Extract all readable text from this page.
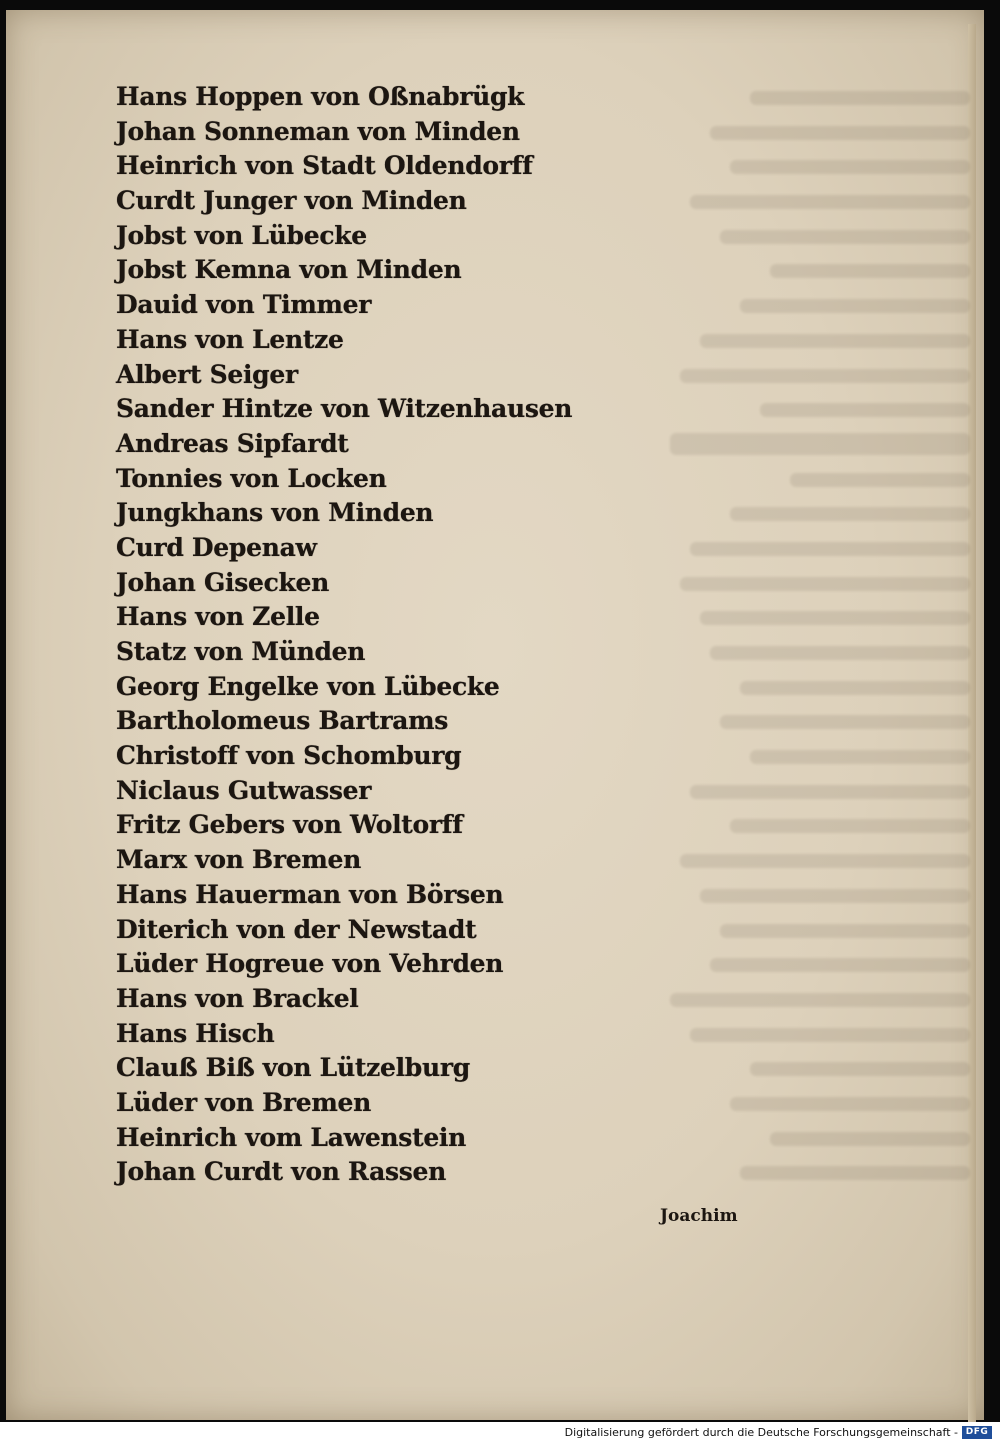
Hans Hoppen von Oßnabrügk
Johan Sonneman von Minden
Heinrich von Stadt Oldendorff
Curdt Junger von Minden
Jobst von Lübecke
Jobst Kemna von Minden
Dauid von Timmer
Hans von Lentze
Albert Seiger
Sander Hintze von Witzenhausen
Andreas Sipfardt
Tonnies von Locken
Jungkhans von Minden
Curd Depenaw
Johan Gisecken
Hans von Zelle
Statz von Münden
Georg Engelke von Lübecke
Bartholomeus Bartrams
Christoff von Schomburg
Niclaus Gutwasser
Fritz Gebers von Woltorff
Marx von Bremen
Hans Hauerman von Börsen
Diterich von der Newstadt
Lüder Hogreue von Vehrden
Hans von Brackel
Hans Hisch
Clauß Biß von Lützelburg
Lüder von Bremen
Heinrich vom Lawenstein
Johan Curdt von Rassen
Joachim
Digitalisierung gefördert durch die Deutsche Forschungsgemeinschaft - DFG
